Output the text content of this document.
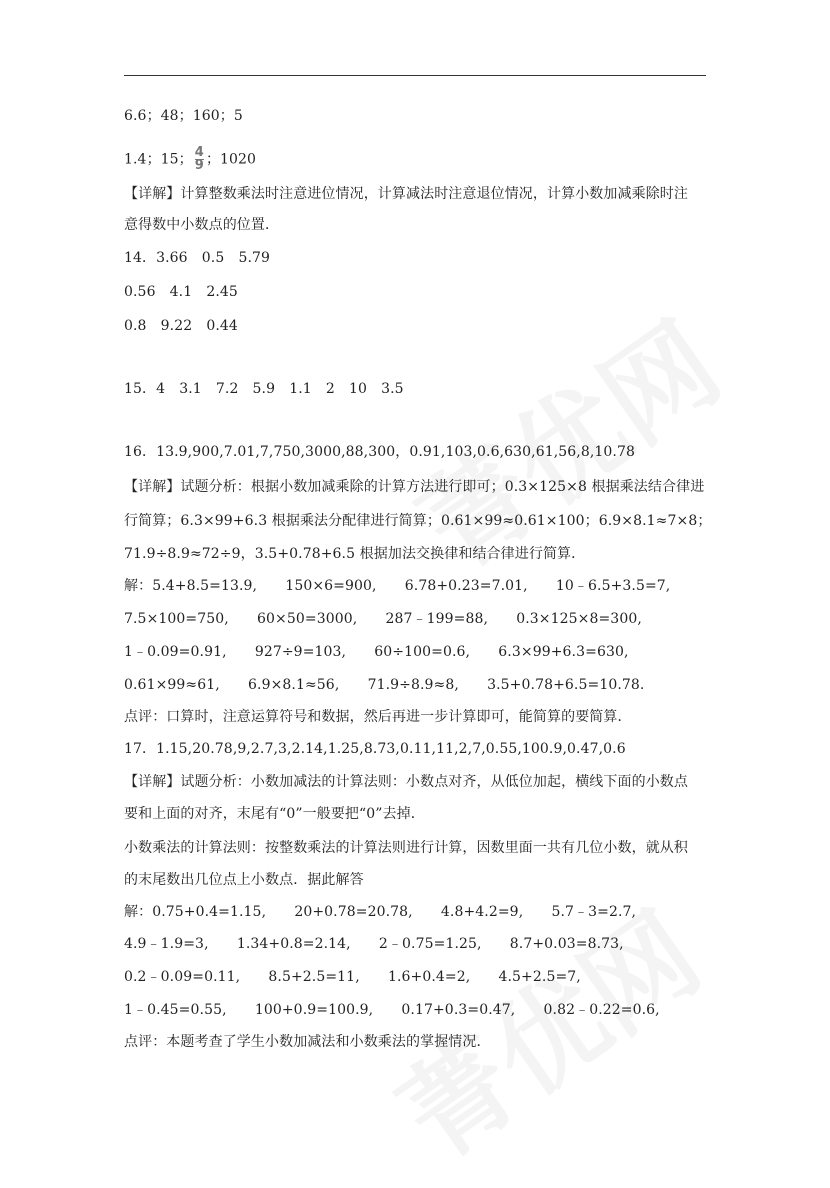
6.6；48；160；5
1.4；15； $\frac{4}{9}$ ；1020
【详解】计算整数乘法时注意进位情况，计算减法时注意退位情况，计算小数加减乘除时注
意得数中小数点的位置．
14．3.66　0.5　5.79
0.56　4.1　2.45
0.8　9.22　0.44
15．4　3.1　7.2　5.9　1.1　2　10　3.5
16．13.9,900,7.01,7,750,3000,88,300，0.91,103,0.6,630,61,56,8,10.78
【详解】试题分析：根据小数加减乘除的计算方法进行即可；0.3×125×8 根据乘法结合律进
行简算；6.3×99+6.3 根据乘法分配律进行简算；0.61×99≈0.61×100；6.9×8.1≈7×8；
71.9÷8.9≈72÷9，3.5+0.78+6.5 根据加法交换律和结合律进行简算．
解：5.4+8.5=13.9,　　150×6=900,　　6.78+0.23=7.01,　　10﹣6.5+3.5=7,
7.5×100=750,　　60×50=3000,　　287﹣199=88,　　0.3×125×8=300,
1﹣0.09=0.91,　　927÷9=103,　　60÷100=0.6,　　6.3×99+6.3=630,
0.61×99≈61,　　6.9×8.1≈56,　　71.9÷8.9≈8,　　3.5+0.78+6.5=10.78.
点评：口算时，注意运算符号和数据，然后再进一步计算即可，能简算的要简算．
17．1.15,20.78,9,2.7,3,2.14,1.25,8.73,0.11,11,2,7,0.55,100.9,0.47,0.6
【详解】试题分析：小数加减法的计算法则：小数点对齐，从低位加起，横线下面的小数点
要和上面的对齐，末尾有“0”一般要把“0”去掉．
小数乘法的计算法则：按整数乘法的计算法则进行计算，因数里面一共有几位小数，就从积
的末尾数出几位点上小数点．据此解答
解：0.75+0.4=1.15,　　20+0.78=20.78,　　4.8+4.2=9,　　5.7﹣3=2.7,
4.9﹣1.9=3,　　1.34+0.8=2.14,　　2﹣0.75=1.25,　　8.7+0.03=8.73,
0.2﹣0.09=0.11,　　8.5+2.5=11,　　1.6+0.4=2,　　4.5+2.5=7,
1﹣0.45=0.55,　　100+0.9=100.9,　　0.17+0.3=0.47,　　0.82﹣0.22=0.6,
点评：本题考查了学生小数加减法和小数乘法的掌握情况．
